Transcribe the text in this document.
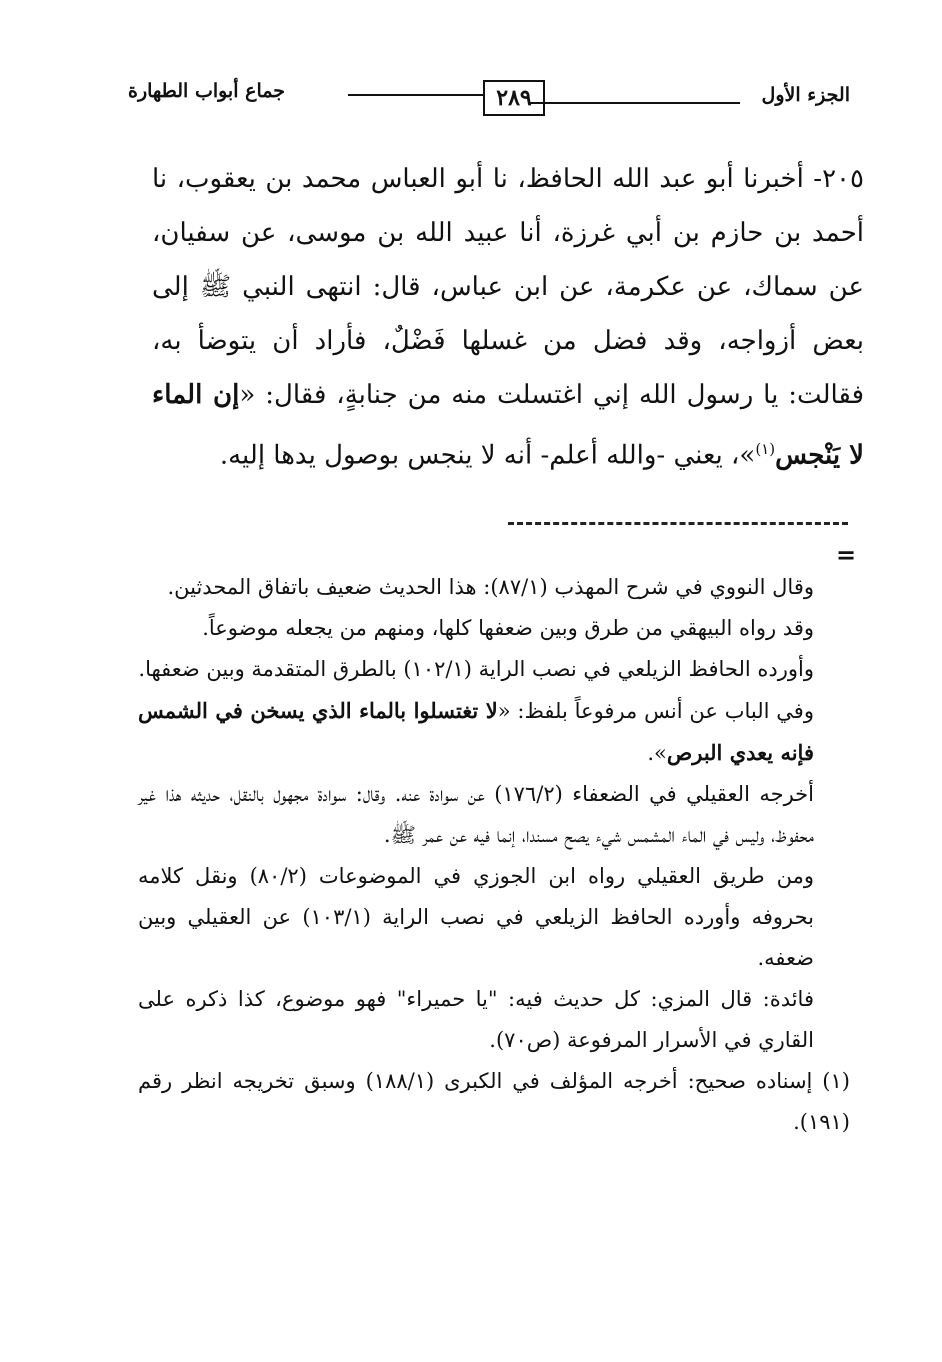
الجزء الأول
٢٨٩
جماع أبواب الطهارة

٢٠٥- أخبرنا أبو عبد الله الحافظ، نا أبو العباس محمد بن يعقوب، نا أحمد بن حازم بن أبي غرزة، أنا عبيد الله بن موسى، عن سفيان، عن سماك، عن عكرمة، عن ابن عباس، قال: انتهى النبي ﷺ إلى بعض أزواجه، وقد فضل من غسلها فَضْلٌ، فأراد أن يتوضأ به، فقالت: يا رسول الله إني اغتسلت منه من جنابةٍ، فقال: «إن الماء لا يَنْجس$^{(١)}$»، يعني -والله أعلم- أنه لا ينجس بوصول يدها إليه.

=

وقال النووي في شرح المهذب (٨٧/١): هذا الحديث ضعيف باتفاق المحدثين.

وقد رواه البيهقي من طرق وبين ضعفها كلها، ومنهم من يجعله موضوعاً.

وأورده الحافظ الزيلعي في نصب الراية (١٠٢/١) بالطرق المتقدمة وبين ضعفها.

وفي الباب عن أنس مرفوعاً بلفظ: «لا تغتسلوا بالماء الذي يسخن في الشمس فإنه يعدي البرص».

أخرجه العقيلي في الضعفاء (١٧٦/٢) عن سوادة عنه. وقال: سوادة مجهول بالنقل، حديثه هذا غير محفوظ، وليس في الماء المشمس شيء يصح مسندا، إنما فيه عن عمر ﷺ.

ومن طريق العقيلي رواه ابن الجوزي في الموضوعات (٨٠/٢) ونقل كلامه بحروفه وأورده الحافظ الزيلعي في نصب الراية (١٠٣/١) عن العقيلي وبين ضعفه.

فائدة: قال المزي: كل حديث فيه: "يا حميراء" فهو موضوع، كذا ذكره على القاري في الأسرار المرفوعة (ص٧٠).

(١) إسناده صحيح: أخرجه المؤلف في الكبرى (١٨٨/١) وسبق تخريجه انظر رقم (١٩١).
